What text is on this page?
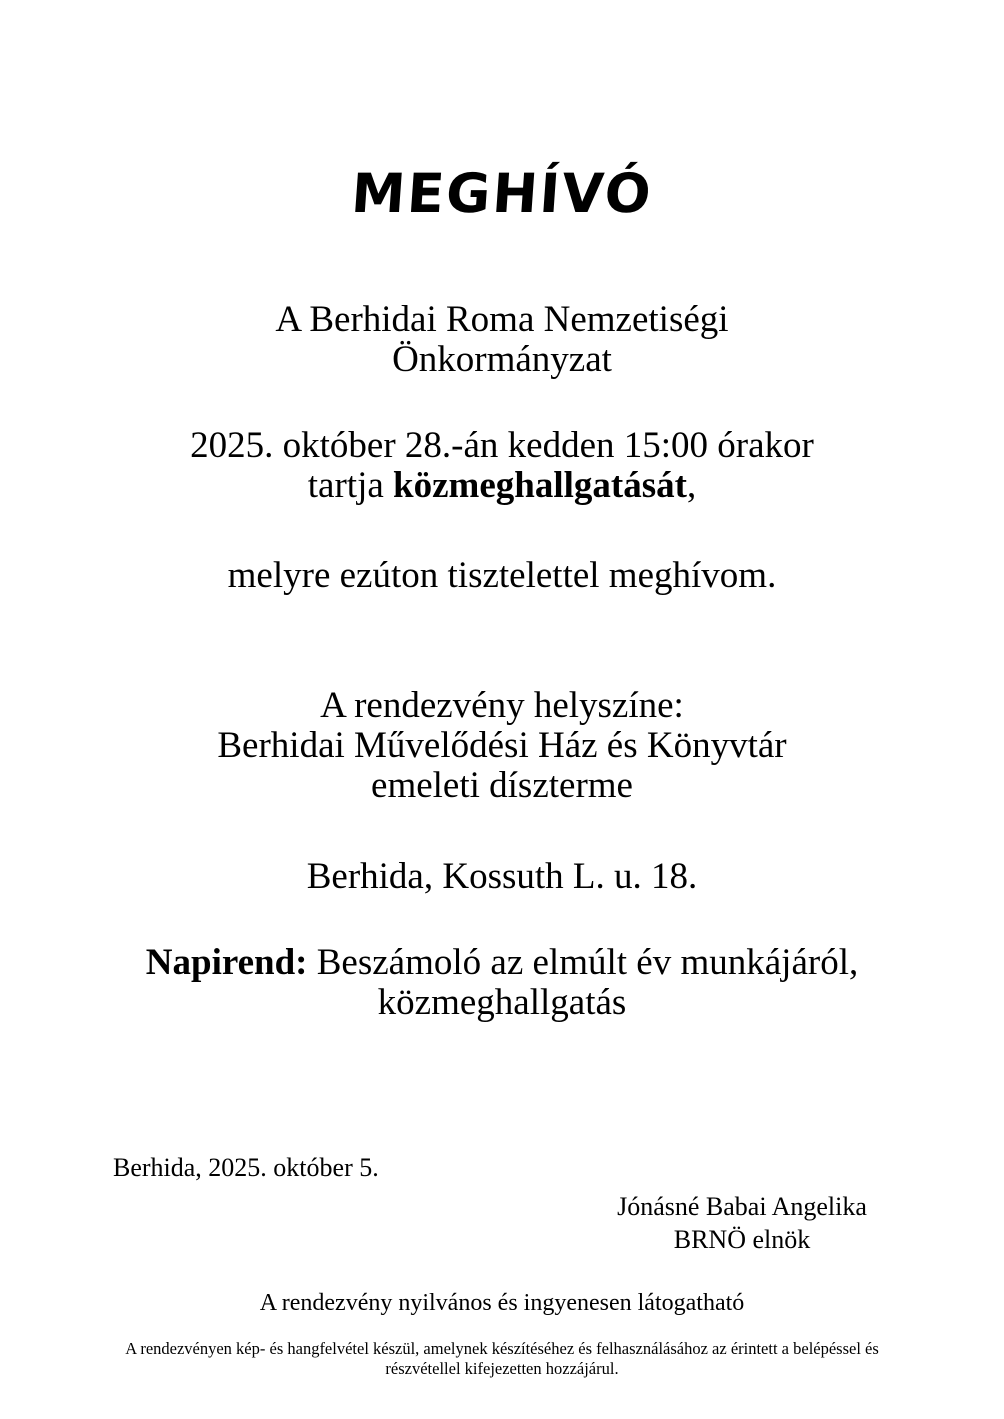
MEGHÍVÓ
A Berhidai Roma Nemzetiségi
Önkormányzat
2025. október 28.-án kedden 15:00 órakor
tartja közmeghallgatását,
melyre ezúton tisztelettel meghívom.
A rendezvény helyszíne:
Berhidai Művelődési Ház és Könyvtár
emeleti díszterme
Berhida, Kossuth L. u. 18.
Napirend: Beszámoló az elmúlt év munkájáról,
közmeghallgatás
Berhida, 2025. október 5.
Jónásné Babai Angelika
BRNÖ elnök
A rendezvény nyilvános és ingyenesen látogatható
A rendezvényen kép- és hangfelvétel készül, amelynek készítéséhez és felhasználásához az érintett a belépéssel és
részvétellel kifejezetten hozzájárul.
